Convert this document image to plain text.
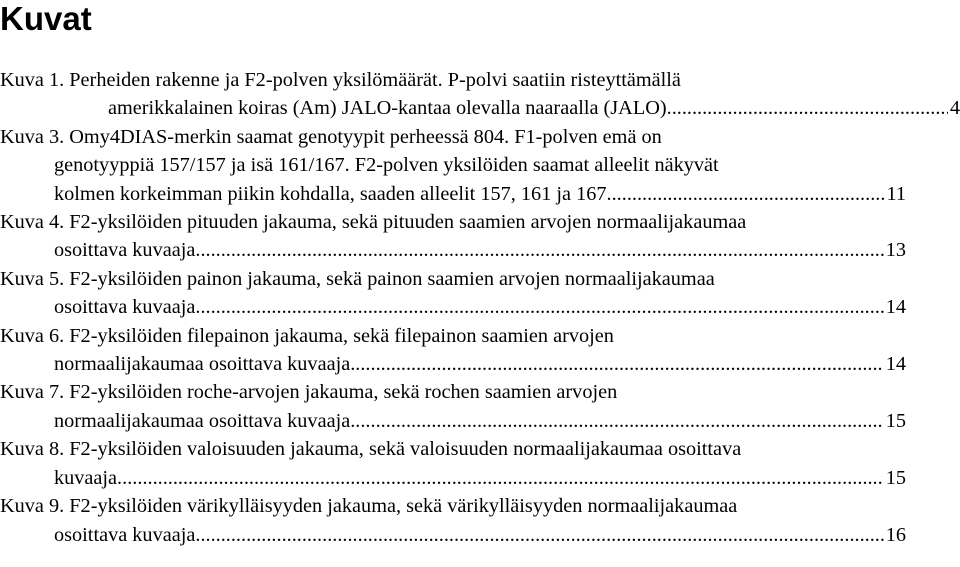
Kuvat
Kuva 1. Perheiden rakenne ja F2-polven yksilömäärät. P-polvi saatiin risteyttämällä
amerikkalainen koiras (Am) JALO-kantaa olevalla naaraalla (JALO). .....	4
Kuva 3. Omy4DIAS-merkin saamat genotyypit perheessä 804. F1-polven emä on
genotyyppiä 157/157 ja isä 161/167. F2-polven yksilöiden saamat alleelit näkyvät
kolmen korkeimman piikin kohdalla, saaden alleelit 157, 161 ja 167. .....	11
Kuva 4. F2-yksilöiden pituuden jakauma, sekä pituuden saamien arvojen normaalijakaumaa
osoittava kuvaaja. .....	13
Kuva 5. F2-yksilöiden painon jakauma, sekä painon saamien arvojen normaalijakaumaa
osoittava kuvaaja. .....	14
Kuva 6. F2-yksilöiden filepainon jakauma, sekä filepainon saamien arvojen
normaalijakaumaa osoittava kuvaaja. .....	14
Kuva 7. F2-yksilöiden roche-arvojen jakauma, sekä rochen saamien arvojen
normaalijakaumaa osoittava kuvaaja. .....	15
Kuva 8. F2-yksilöiden valoisuuden jakauma, sekä valoisuuden normaalijakaumaa osoittava
kuvaaja. .....	15
Kuva 9. F2-yksilöiden värikylläisyyden jakauma, sekä värikylläisyyden normaalijakaumaa
osoittava kuvaaja. .....	16
